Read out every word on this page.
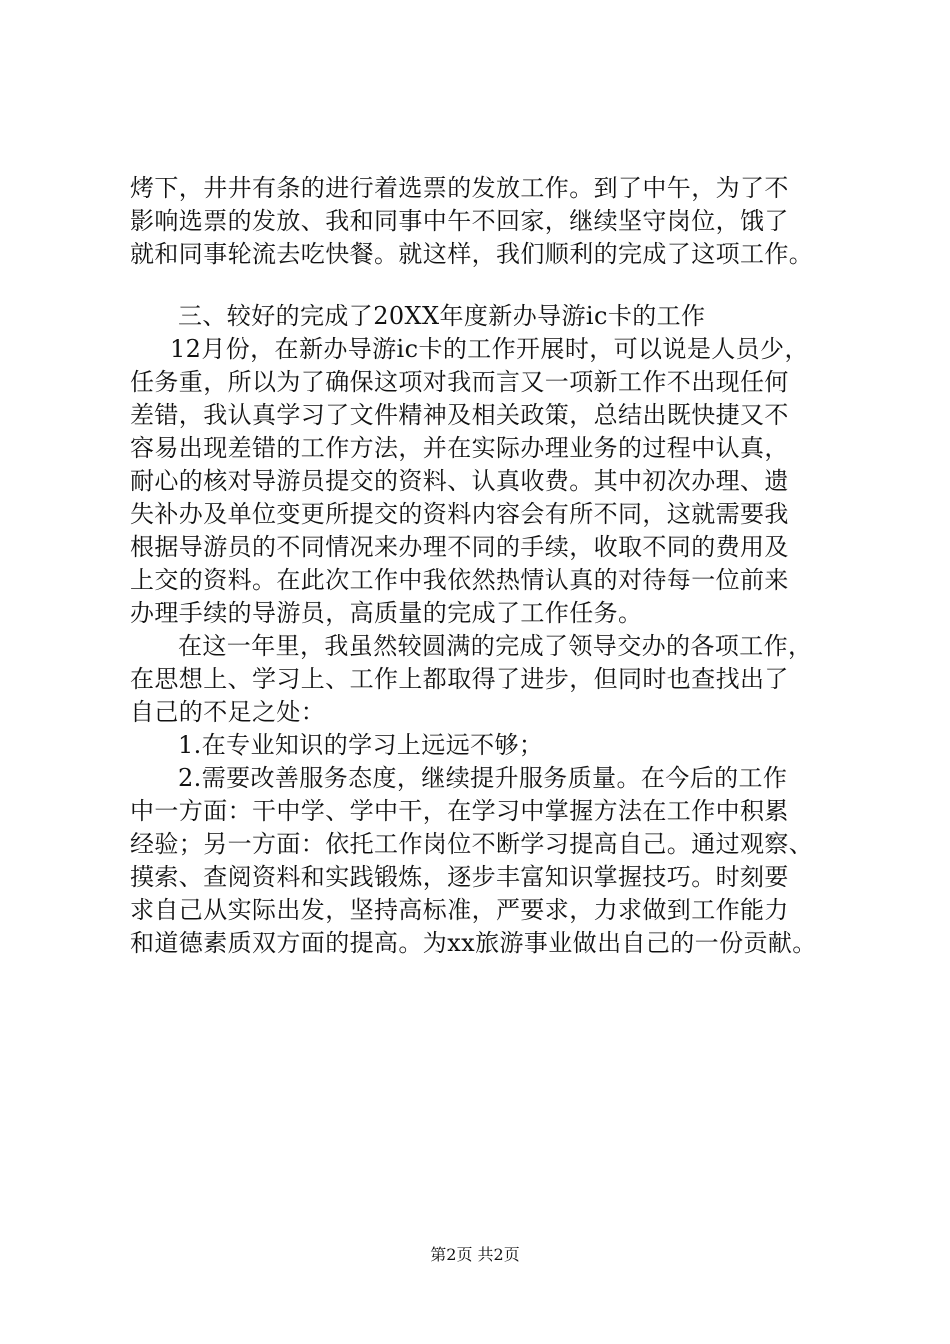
烤下，井井有条的进行着选票的发放工作。到了中午，为了不
影响选票的发放、我和同事中午不回家，继续坚守岗位，饿了
就和同事轮流去吃快餐。就这样，我们顺利的完成了这项工作。
三、较好的完成了20XX年度新办导游ic卡的工作
12月份，在新办导游ic卡的工作开展时，可以说是人员少，
任务重，所以为了确保这项对我而言又一项新工作不出现任何
差错，我认真学习了文件精神及相关政策，总结出既快捷又不
容易出现差错的工作方法，并在实际办理业务的过程中认真，
耐心的核对导游员提交的资料、认真收费。其中初次办理、遗
失补办及单位变更所提交的资料内容会有所不同，这就需要我
根据导游员的不同情况来办理不同的手续，收取不同的费用及
上交的资料。在此次工作中我依然热情认真的对待每一位前来
办理手续的导游员，高质量的完成了工作任务。
在这一年里，我虽然较圆满的完成了领导交办的各项工作，
在思想上、学习上、工作上都取得了进步，但同时也查找出了
自己的不足之处：
1.在专业知识的学习上远远不够；
2.需要改善服务态度，继续提升服务质量。在今后的工作
中一方面：干中学、学中干，在学习中掌握方法在工作中积累
经验；另一方面：依托工作岗位不断学习提高自己。通过观察、
摸索、查阅资料和实践锻炼，逐步丰富知识掌握技巧。时刻要
求自己从实际出发，坚持高标准，严要求，力求做到工作能力
和道德素质双方面的提高。为xx旅游事业做出自己的一份贡献。
第2页 共2页
